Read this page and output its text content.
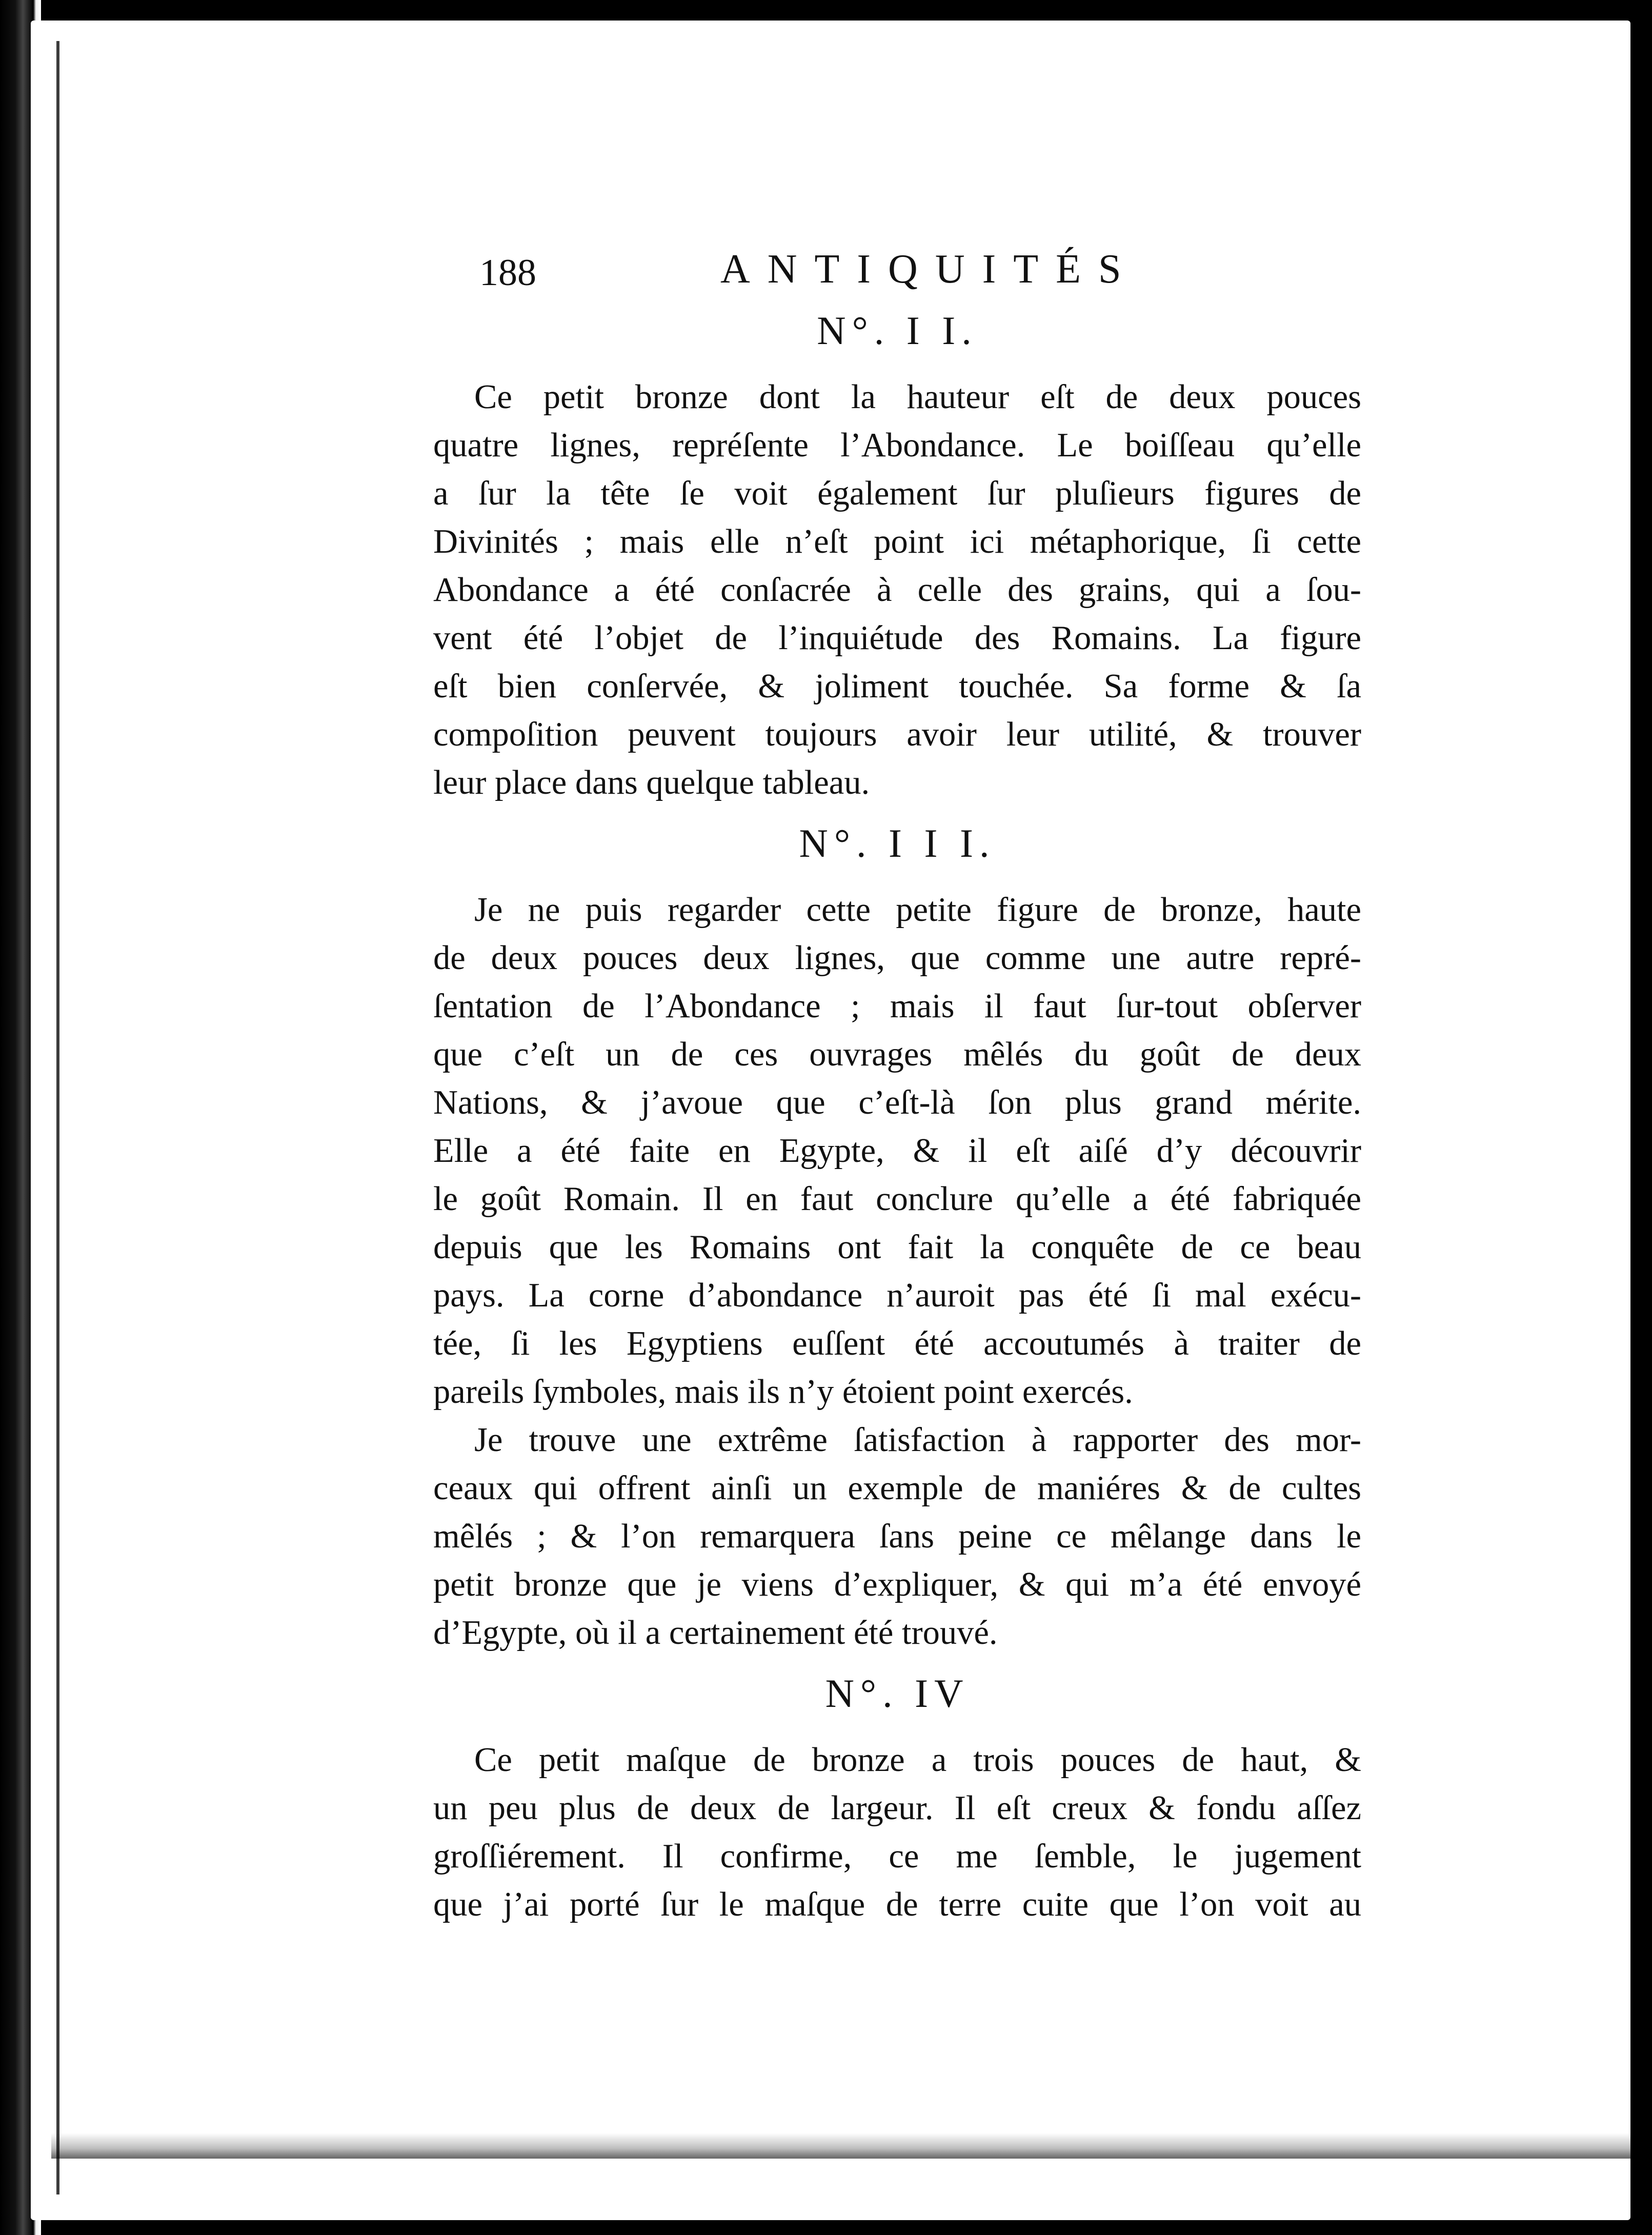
188	ANTIQUITÉS
N°. I I.
Ce petit bronze dont la hauteur eſt de deux pouces
quatre lignes, repréſente l’Abondance. Le boiſſeau qu’elle
a ſur la tête ſe voit également ſur pluſieurs figures de
Divinités ; mais elle n’eſt point ici métaphorique, ſi cette
Abondance a été conſacrée à celle des grains, qui a ſou-
vent été l’objet de l’inquiétude des Romains. La figure
eſt bien conſervée, & joliment touchée. Sa forme & ſa
compoſition peuvent toujours avoir leur utilité, & trouver
leur place dans quelque tableau.
N°. I I I.
Je ne puis regarder cette petite figure de bronze, haute
de deux pouces deux lignes, que comme une autre repré-
ſentation de l’Abondance ; mais il faut ſur-tout obſerver
que c’eſt un de ces ouvrages mêlés du goût de deux
Nations, & j’avoue que c’eſt-là ſon plus grand mérite.
Elle a été faite en Egypte, & il eſt aiſé d’y découvrir
le goût Romain. Il en faut conclure qu’elle a été fabriquée
depuis que les Romains ont fait la conquête de ce beau
pays. La corne d’abondance n’auroit pas été ſi mal exécu-
tée, ſi les Egyptiens euſſent été accoutumés à traiter de
pareils ſymboles, mais ils n’y étoient point exercés.
Je trouve une extrême ſatisfaction à rapporter des mor-
ceaux qui offrent ainſi un exemple de maniéres & de cultes
mêlés ; & l’on remarquera ſans peine ce mêlange dans le
petit bronze que je viens d’expliquer, & qui m’a été envoyé
d’Egypte, où il a certainement été trouvé.
N°. IV
Ce petit maſque de bronze a trois pouces de haut, &
un peu plus de deux de largeur. Il eſt creux & fondu aſſez
groſſiérement. Il confirme, ce me ſemble, le jugement
que j’ai porté ſur le maſque de terre cuite que l’on voit au
